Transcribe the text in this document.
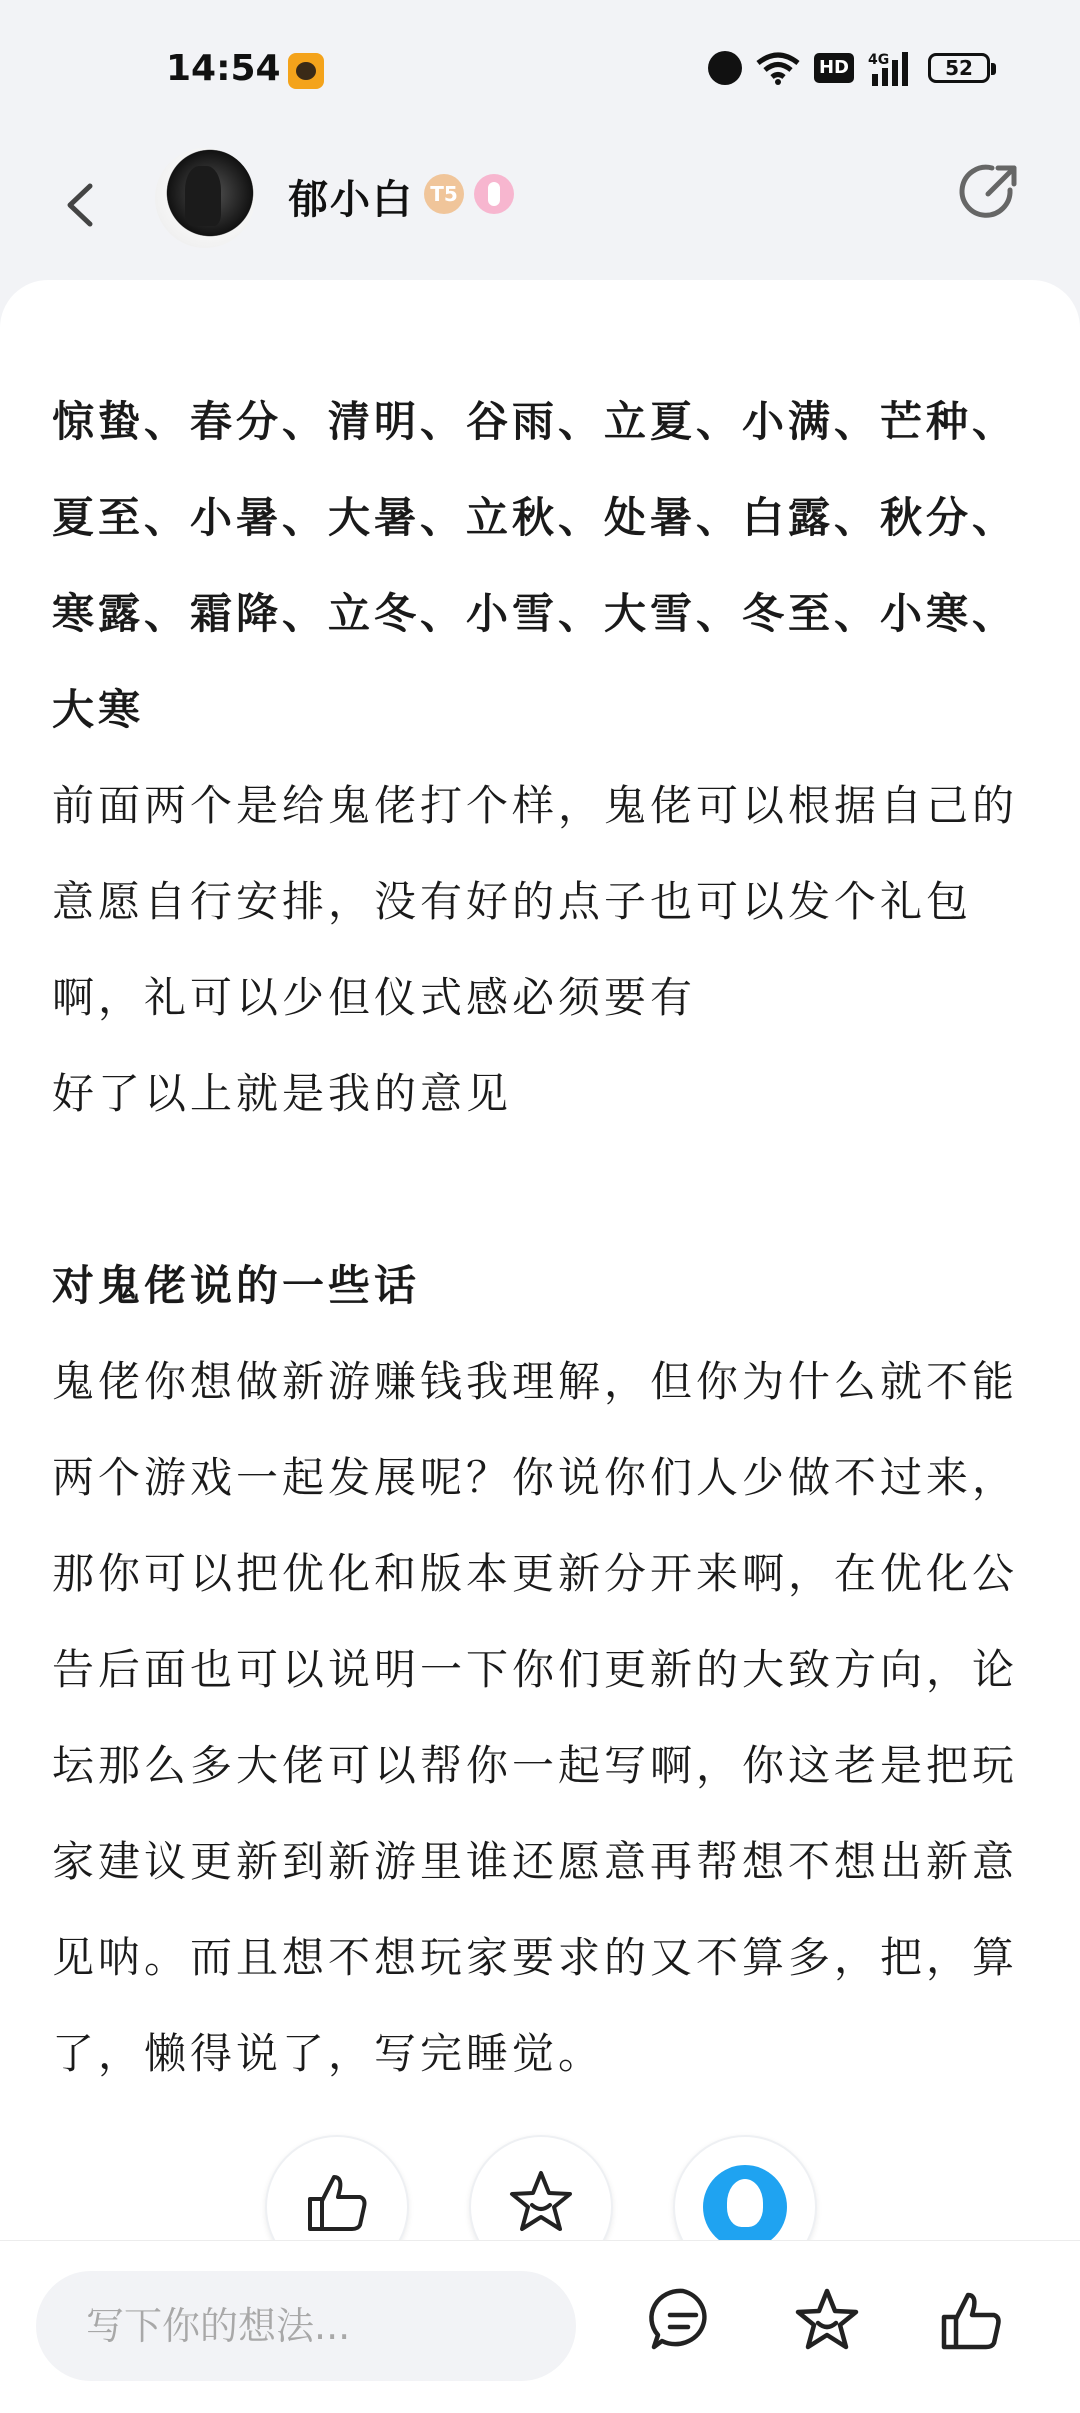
14:54	HD	4G	52
郁小白 T5

惊蛰、春分、清明、谷雨、立夏、小满、芒种、夏至、小暑、大暑、立秋、处暑、白露、秋分、寒露、霜降、立冬、小雪、大雪、冬至、小寒、大寒

前面两个是给鬼佬打个样，鬼佬可以根据自己的意愿自行安排，没有好的点子也可以发个礼包啊，礼可以少但仪式感必须要有

好了以上就是我的意见

对鬼佬说的一些话

鬼佬你想做新游赚钱我理解，但你为什么就不能两个游戏一起发展呢？你说你们人少做不过来，那你可以把优化和版本更新分开来啊，在优化公告后面也可以说明一下你们更新的大致方向，论坛那么多大佬可以帮你一起写啊，你这老是把玩家建议更新到新游里谁还愿意再帮想不想出新意见呐。而且想不想玩家要求的又不算多，把，算了，懒得说了，写完睡觉。

写下你的想法...
